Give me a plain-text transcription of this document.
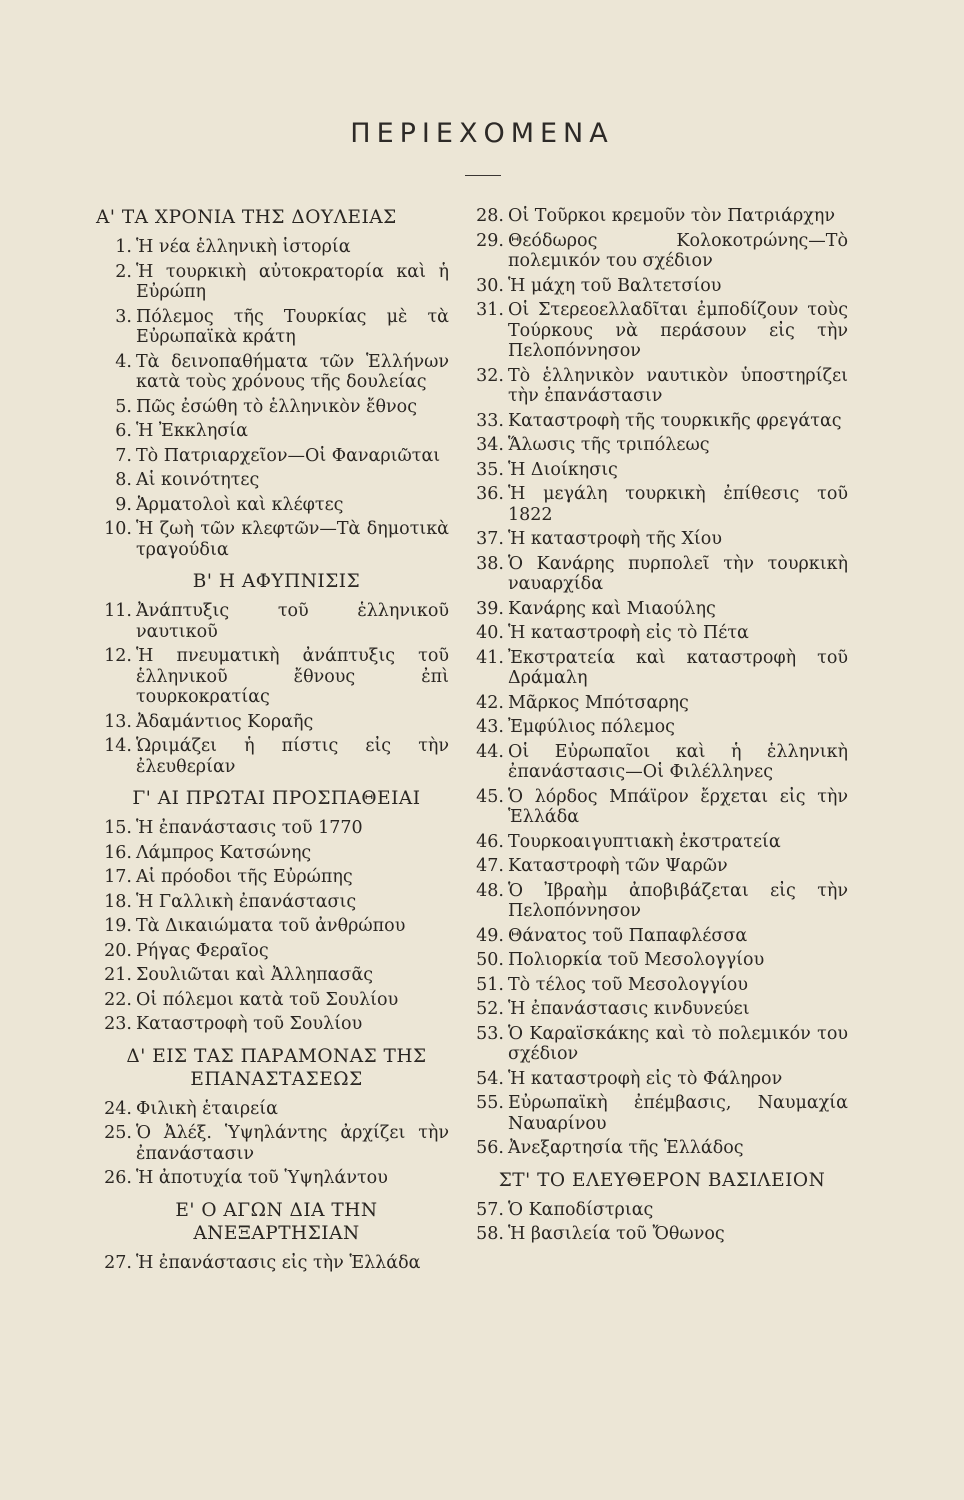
ΠΕΡΙΕΧΟΜΕΝΑ
Α' ΤΑ ΧΡΟΝΙΑ ΤΗΣ ΔΟΥΛΕΙΑΣ
1. Ἡ νέα ἑλληνικὴ ἱστορία
2. Ἡ τουρκικὴ αὐτοκρατορία καὶ ἡ Εὐρώπη
3. Πόλεμος τῆς Τουρκίας μὲ τὰ Εὐρωπαϊκὰ κράτη
4. Τὰ δεινοπαθήματα τῶν Ἑλλήνων κατὰ τοὺς χρόνους τῆς δουλείας
5. Πῶς ἐσώθη τὸ ἑλληνικὸν ἔθνος
6. Ἡ Ἐκκλησία
7. Τὸ Πατριαρχεῖον—Οἱ Φαναριῶται
8. Αἱ κοινότητες
9. Ἁρματολοὶ καὶ κλέφτες
10. Ἡ ζωὴ τῶν κλεφτῶν—Τὰ δημοτικὰ τραγούδια
Β' Η ΑΦΥΠΝΙΣΙΣ
11. Ἀνάπτυξις τοῦ ἑλληνικοῦ ναυτικοῦ
12. Ἡ πνευματικὴ ἀνάπτυξις τοῦ ἑλληνικοῦ ἔθνους ἐπὶ τουρκοκρατίας
13. Ἀδαμάντιος Κοραῆς
14. Ὡριμάζει ἡ πίστις εἰς τὴν ἐλευθερίαν
Γ' ΑΙ ΠΡΩΤΑΙ ΠΡΟΣΠΑΘΕΙΑΙ
15. Ἡ ἐπανάστασις τοῦ 1770
16. Λάμπρος Κατσώνης
17. Αἱ πρόοδοι τῆς Εὐρώπης
18. Ἡ Γαλλικὴ ἐπανάστασις
19. Τὰ Δικαιώματα τοῦ ἀνθρώπου
20. Ρήγας Φεραῖος
21. Σουλιῶται καὶ Ἀλληπασᾶς
22. Οἱ πόλεμοι κατὰ τοῦ Σουλίου
23. Καταστροφὴ τοῦ Σουλίου
Δ' ΕΙΣ ΤΑΣ ΠΑΡΑΜΟΝΑΣ ΤΗΣ ΕΠΑΝΑΣΤΑΣΕΩΣ
24. Φιλικὴ ἑταιρεία
25. Ὁ Ἀλέξ. Ὑψηλάντης ἀρχίζει τὴν ἐπανάστασιν
26. Ἡ ἀποτυχία τοῦ Ὑψηλάντου
Ε' Ο ΑΓΩΝ ΔΙΑ ΤΗΝ ΑΝΕΞΑΡΤΗΣΙΑΝ
27. Ἡ ἐπανάστασις εἰς τὴν Ἑλλάδα
28. Οἱ Τοῦρκοι κρεμοῦν τὸν Πατριάρχην
29. Θεόδωρος Κολοκοτρώνης—Τὸ πολεμικόν του σχέδιον
30. Ἡ μάχη τοῦ Βαλτετσίου
31. Οἱ Στερεοελλαδῖται ἐμποδίζουν τοὺς Τούρκους νὰ περάσουν εἰς τὴν Πελοπόννησον
32. Τὸ ἑλληνικὸν ναυτικὸν ὑποστηρίζει τὴν ἐπανάστασιν
33. Καταστροφὴ τῆς τουρκικῆς φρεγάτας
34. Ἅλωσις τῆς τριπόλεως
35. Ἡ Διοίκησις
36. Ἡ μεγάλη τουρκικὴ ἐπίθεσις τοῦ 1822
37. Ἡ καταστροφὴ τῆς Χίου
38. Ὁ Κανάρης πυρπολεῖ τὴν τουρκικὴ ναυαρχίδα
39. Κανάρης καὶ Μιαούλης
40. Ἡ καταστροφὴ εἰς τὸ Πέτα
41. Ἐκστρατεία καὶ καταστροφὴ τοῦ Δράμαλη
42. Μᾶρκος Μπότσαρης
43. Ἐμφύλιος πόλεμος
44. Οἱ Εὐρωπαῖοι καὶ ἡ ἑλληνικὴ ἐπανάστασις—Οἱ Φιλέλληνες
45. Ὁ λόρδος Μπάϊρον ἔρχεται εἰς τὴν Ἑλλάδα
46. Τουρκοαιγυπτιακὴ ἐκστρατεία
47. Καταστροφὴ τῶν Ψαρῶν
48. Ὁ Ἰβραὴμ ἀποβιβάζεται εἰς τὴν Πελοπόννησον
49. Θάνατος τοῦ Παπαφλέσσα
50. Πολιορκία τοῦ Μεσολογγίου
51. Τὸ τέλος τοῦ Μεσολογγίου
52. Ἡ ἐπανάστασις κινδυνεύει
53. Ὁ Καραϊσκάκης καὶ τὸ πολεμικόν του σχέδιον
54. Ἡ καταστροφὴ εἰς τὸ Φάληρον
55. Εὐρωπαϊκὴ ἐπέμβασις, Ναυμαχία Ναυαρίνου
56. Ἀνεξαρτησία τῆς Ἑλλάδος
ΣΤ' ΤΟ ΕΛΕΥΘΕΡΟΝ ΒΑΣΙΛΕΙΟΝ
57. Ὁ Καποδίστριας
58. Ἡ βασιλεία τοῦ Ὄθωνος
